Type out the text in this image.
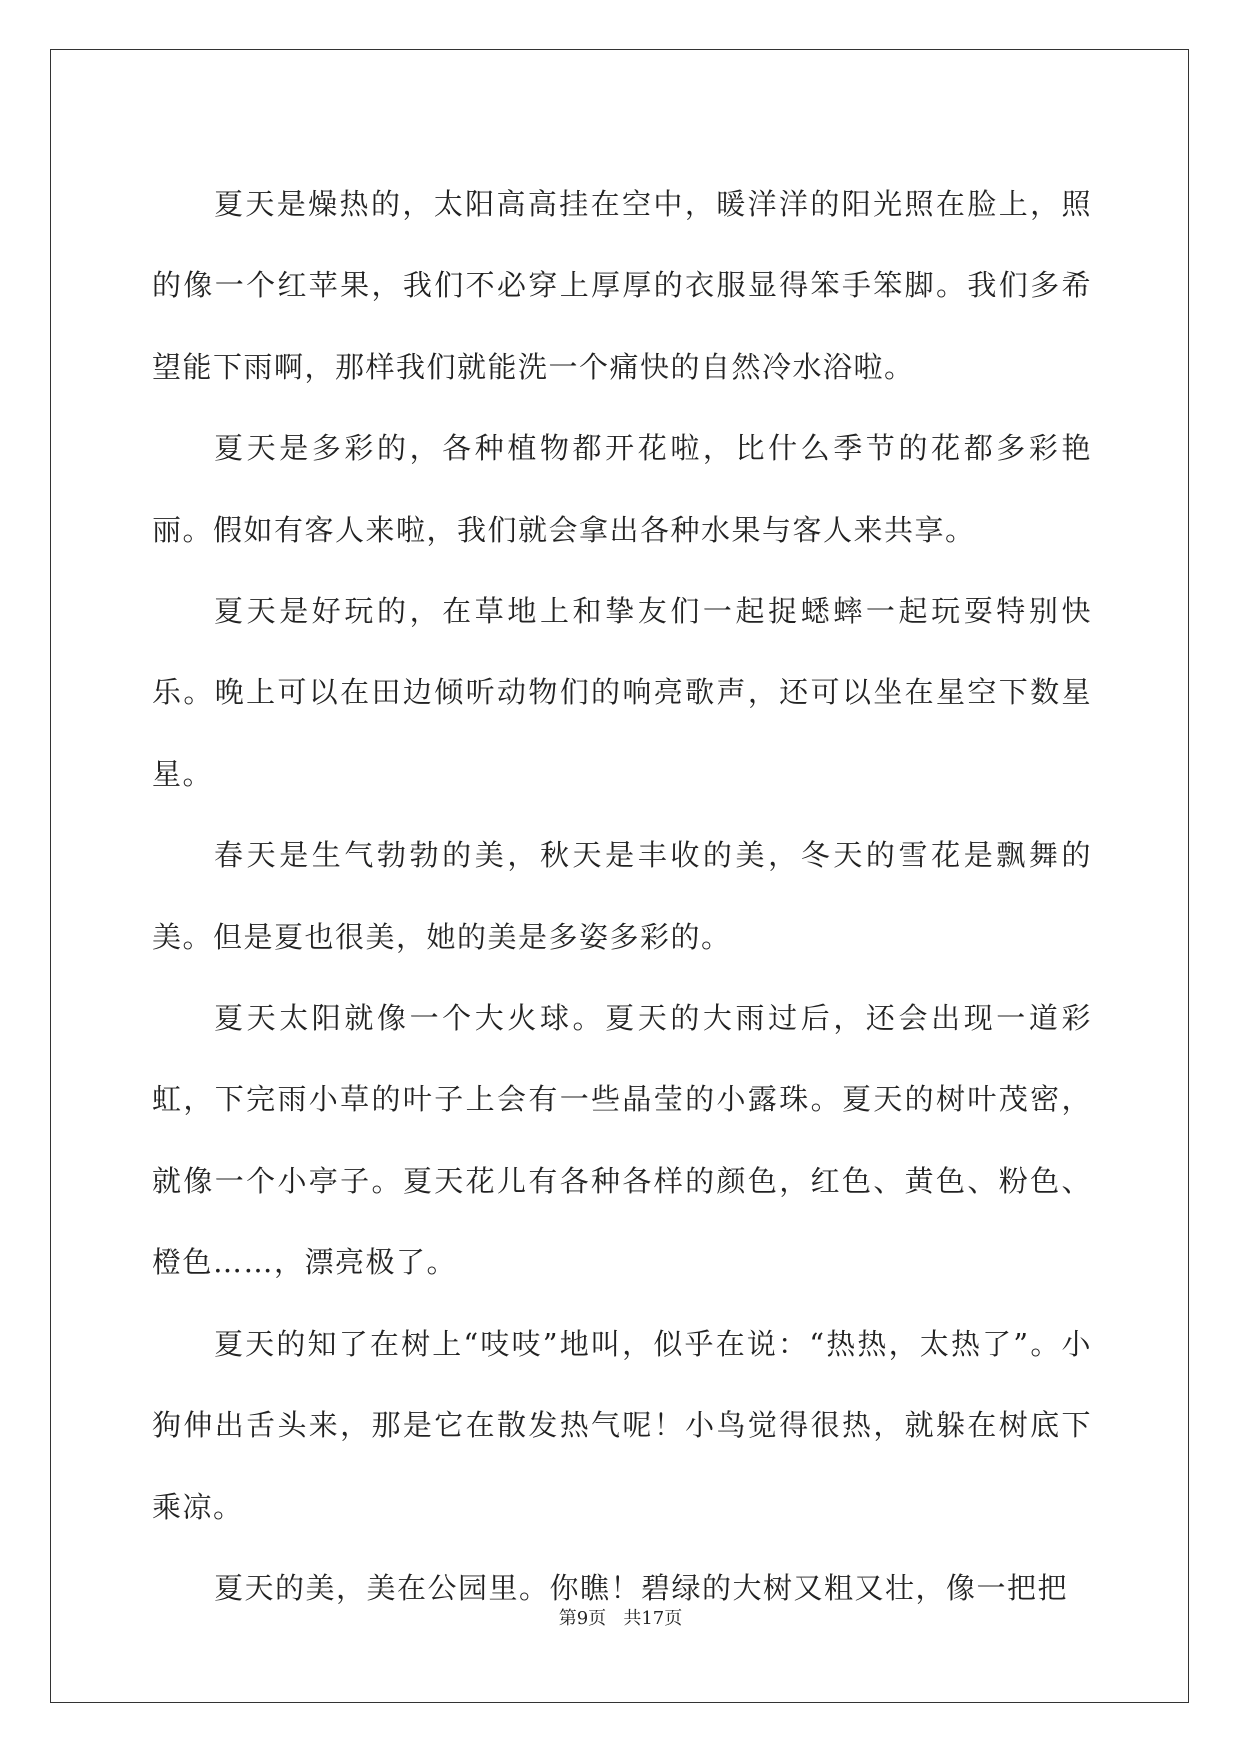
夏天是燥热的，太阳高高挂在空中，暖洋洋的阳光照在脸上，照的像一个红苹果，我们不必穿上厚厚的衣服显得笨手笨脚。我们多希望能下雨啊，那样我们就能洗一个痛快的自然冷水浴啦。

夏天是多彩的，各种植物都开花啦，比什么季节的花都多彩艳丽。假如有客人来啦，我们就会拿出各种水果与客人来共享。

夏天是好玩的，在草地上和挚友们一起捉蟋蟀一起玩耍特别快乐。晚上可以在田边倾听动物们的响亮歌声，还可以坐在星空下数星星。

春天是生气勃勃的美，秋天是丰收的美，冬天的雪花是飘舞的美。但是夏也很美，她的美是多姿多彩的。

夏天太阳就像一个大火球。夏天的大雨过后，还会出现一道彩虹，下完雨小草的叶子上会有一些晶莹的小露珠。夏天的树叶茂密，就像一个小亭子。夏天花儿有各种各样的颜色，红色、黄色、粉色、橙色……，漂亮极了。

夏天的知了在树上“吱吱”地叫，似乎在说：“热热，太热了”。小狗伸出舌头来，那是它在散发热气呢！小鸟觉得很热，就躲在树底下乘凉。

夏天的美，美在公园里。你瞧！碧绿的大树又粗又壮，像一把把

第9页 共17页
